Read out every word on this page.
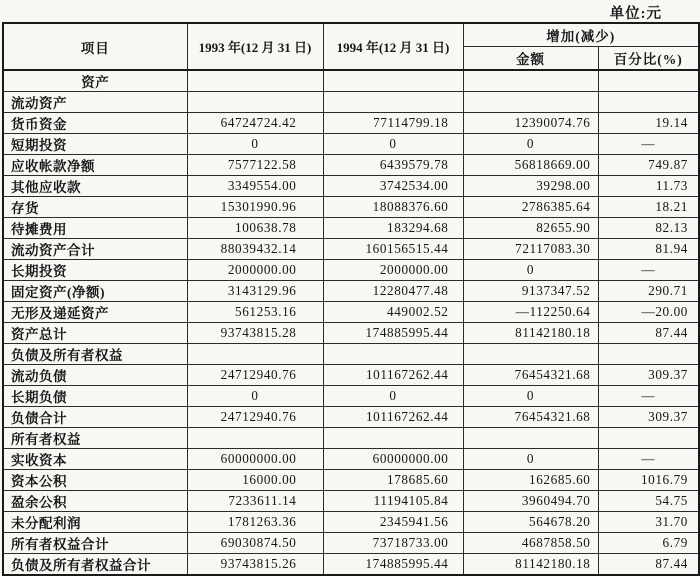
单位:元
项目	1993 年(12 月 31 日)	1994 年(12 月 31 日)	增加(减少)	
			金额	百分比(%)
资产				
流动资产				
货币资金	64724724.42	77114799.18	12390074.76	19.14
短期投资	0	0	0	—
应收帐款净额	7577122.58	6439579.78	56818669.00	749.87
其他应收款	3349554.00	3742534.00	39298.00	11.73
存货	15301990.96	18088376.60	2786385.64	18.21
待摊费用	100638.78	183294.68	82655.90	82.13
流动资产合计	88039432.14	160156515.44	72117083.30	81.94
长期投资	2000000.00	2000000.00	0	—
固定资产(净额)	3143129.96	12280477.48	9137347.52	290.71
无形及递延资产	561253.16	449002.52	—112250.64	—20.00
资产总计	93743815.28	174885995.44	81142180.18	87.44
负债及所有者权益				
流动负债	24712940.76	101167262.44	76454321.68	309.37
长期负债	0	0	0	—
负债合计	24712940.76	101167262.44	76454321.68	309.37
所有者权益				
实收资本	60000000.00	60000000.00	0	—
资本公积	16000.00	178685.60	162685.60	1016.79
盈余公积	7233611.14	11194105.84	3960494.70	54.75
未分配利润	1781263.36	2345941.56	564678.20	31.70
所有者权益合计	69030874.50	73718733.00	4687858.50	6.79
负债及所有者权益合计	93743815.26	174885995.44	81142180.18	87.44
